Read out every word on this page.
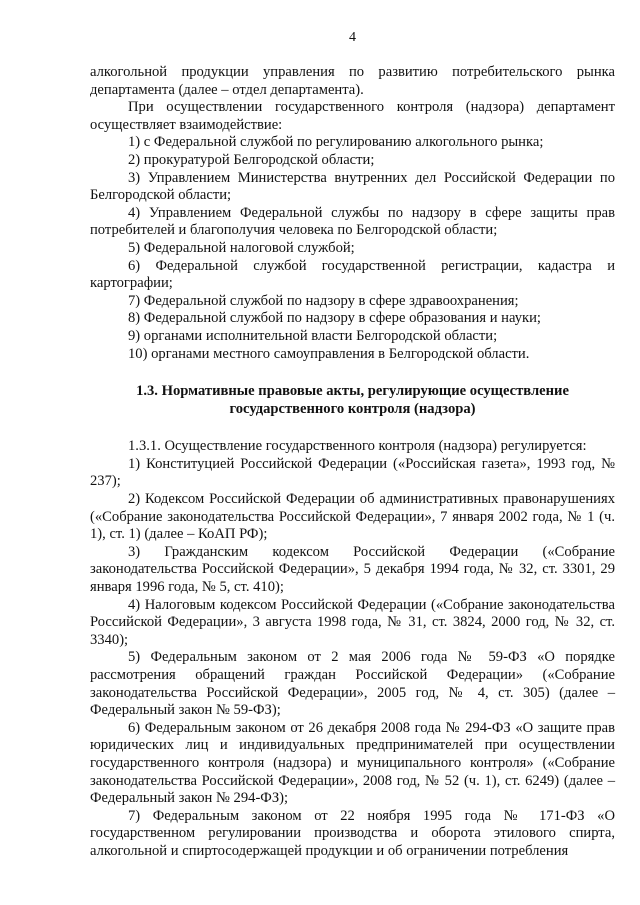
4

алкогольной продукции управления по развитию потребительского рынка департамента (далее – отдел департамента).

При осуществлении государственного контроля (надзора) департамент осуществляет взаимодействие:

1) с Федеральной службой по регулированию алкогольного рынка;

2) прокуратурой Белгородской области;

3) Управлением Министерства внутренних дел Российской Федерации по Белгородской области;

4) Управлением Федеральной службы по надзору в сфере защиты прав потребителей и благополучия человека по Белгородской области;

5) Федеральной налоговой службой;

6) Федеральной службой государственной регистрации, кадастра и картографии;

7) Федеральной службой по надзору в сфере здравоохранения;

8) Федеральной службой по надзору в сфере образования и науки;

9) органами исполнительной власти Белгородской области;

10) органами местного самоуправления в Белгородской области.

1.3. Нормативные правовые акты, регулирующие осуществление
государственного контроля (надзора)

1.3.1. Осуществление государственного контроля (надзора) регулируется:

1) Конституцией Российской Федерации («Российская газета», 1993 год, № 237);

2) Кодексом Российской Федерации об административных правонарушениях («Собрание законодательства Российской Федерации», 7 января 2002 года, № 1 (ч. 1), ст. 1) (далее – КоАП РФ);

3) Гражданским кодексом Российской Федерации («Собрание законодательства Российской Федерации», 5 декабря 1994 года, № 32, ст. 3301, 29 января 1996 года, № 5, ст. 410);

4) Налоговым кодексом Российской Федерации («Собрание законодательства Российской Федерации», 3 августа 1998 года, № 31, ст. 3824, 2000 год, № 32, ст. 3340);

5) Федеральным законом от 2 мая 2006 года № 59-ФЗ «О порядке рассмотрения обращений граждан Российской Федерации» («Собрание законодательства Российской Федерации», 2005 год, № 4, ст. 305) (далее – Федеральный закон № 59-ФЗ);

6) Федеральным законом от 26 декабря 2008 года № 294-ФЗ «О защите прав юридических лиц и индивидуальных предпринимателей при осуществлении государственного контроля (надзора) и муниципального контроля» («Собрание законодательства Российской Федерации», 2008 год, № 52 (ч. 1), ст. 6249) (далее – Федеральный закон № 294-ФЗ);

7) Федеральным законом от 22 ноября 1995 года № 171-ФЗ «О государственном регулировании производства и оборота этилового спирта, алкогольной и спиртосодержащей продукции и об ограничении потребления
